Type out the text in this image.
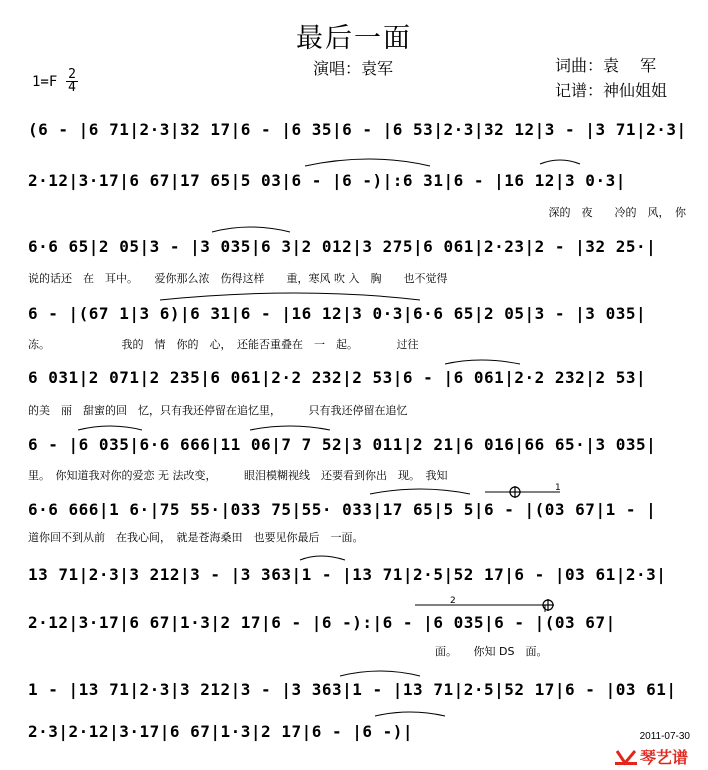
最后一面
演唱：袁军	词曲：袁　 军
记谱：神仙姐姐
1=F 2
4
(6 - |6 71|2·3|32 17|6 - |6 35|6 - |6 53|2·3|32 12|3 - |3 71|2·3|
2·12|3·17|6 67|17 65|5 03|6 - |6 -)|:6 31|6 - |16 12|3 0·3|
深的　夜　　冷的　风，　你
6·6 65|2 05|3 - |3 035|6 3|2 012|3 275|6 061|2·23|2 - |32 25·|
说的话还　在　耳中。　　爱你那么浓　伤得这样　　重，寒风 吹 入　胸　　也不觉得
6 - |(67 1|3 6)|6 31|6 - |16 12|3 0·3|6·6 65|2 05|3 - |3 035|
冻。　　　　　　　我的　情　你的　心，　还能否重叠在　一　起。　　　　过往
6 031|2 071|2 235|6 061|2·2 232|2 53|6 - |6 061|2·2 232|2 53|
的美　丽　甜蜜的回　忆，只有我还停留在追忆里，　　　只有我还停留在追忆
6 - |6 035|6·6 666|11 06|7 7 52|3 011|2 21|6 016|66 65·|3 035|
里。　你知道我对你的爱恋 无 法改变，　　　眼泪模糊视线　还要看到你出　现。　我知
6·6 666|1 6·|75 55·|033 75|55· 033|17 65|5 5|6 - |(03 67|1 - |
道你回不到从前　在我心间，　就是苍海桑田　也要见你最后　一面。
13 71|2·3|3 212|3 - |3 363|1 - |13 71|2·5|52 17|6 - |03 61|2·3|
2·12|3·17|6 67|1·3|2 17|6 - |6 -):|6 - |6 035|6 - |(03 67|
面。　　你知 DS　面。
1 - |13 71|2·3|3 212|3 - |3 363|1 - |13 71|2·5|52 17|6 - |03 61|
2·3|2·12|3·17|6 67|1·3|2 17|6 - |6 -)|
2
1
2011-07-30
琴艺谱
